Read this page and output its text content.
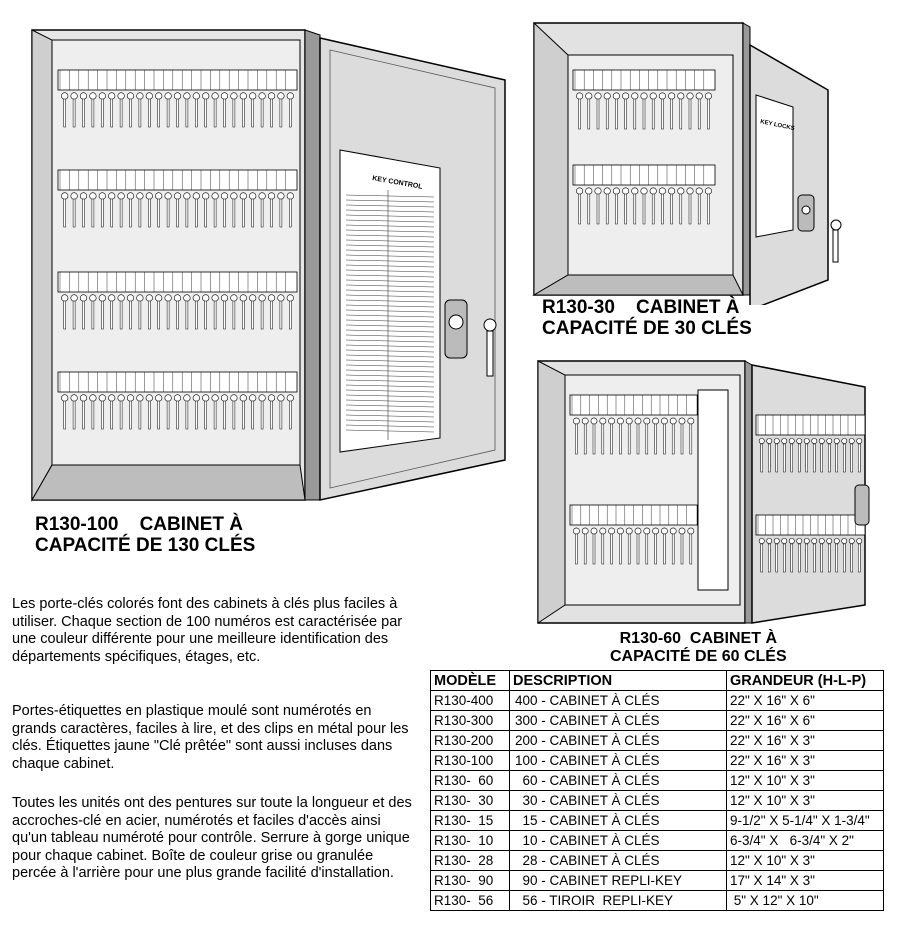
KEY CONTROL
KEY LOCKS
R130-100    CABINET À
CAPACITÉ DE 130 CLÉS
R130-30    CABINET À
CAPACITÉ DE 30 CLÉS
R130-60  CABINET À
CAPACITÉ DE 60 CLÉS
Les porte-clés colorés font des cabinets à clés plus faciles à utiliser. Chaque section de 100 numéros est caractérisée par une couleur différente pour une meilleure identification des départements spécifiques, étages, etc.
Portes-étiquettes en plastique moulé sont numérotés en grands caractères, faciles à lire, et des clips en métal pour les clés. Étiquettes jaune "Clé prêtée" sont aussi incluses dans chaque cabinet.
Toutes les unités ont des pentures sur toute la longueur et des accroches-clé en acier, numérotés et faciles d'accès ainsi qu'un tableau numéroté pour contrôle. Serrure à gorge unique pour chaque cabinet. Boîte de couleur grise ou granulée percée à l'arrière pour une plus grande facilité d'installation.
MODÈLE	DESCRIPTION	GRANDEUR (H-L-P)
R130-400	400 - CABINET À CLÉS	22" X 16" X 6"
R130-300	300 - CABINET À CLÉS	22" X 16" X 6"
R130-200	200 - CABINET À CLÉS	22" X 16" X 3"
R130-100	100 - CABINET À CLÉS	22" X 16" X 3"
R130-  60	60 - CABINET À CLÉS	12" X 10" X 3"
R130-  30	30 - CABINET À CLÉS	12" X 10" X 3"
R130-  15	15 - CABINET À CLÉS	9-1/2" X 5-1/4" X 1-3/4"
R130-  10	10 - CABINET À CLÉS	6-3/4" X   6-3/4" X 2"
R130-  28	28 - CABINET À CLÉS	12" X 10" X 3"
R130-  90	90 - CABINET REPLI-KEY	17" X 14" X 3"
R130-  56	56 - TIROIR  REPLI-KEY	5" X 12" X 10"
